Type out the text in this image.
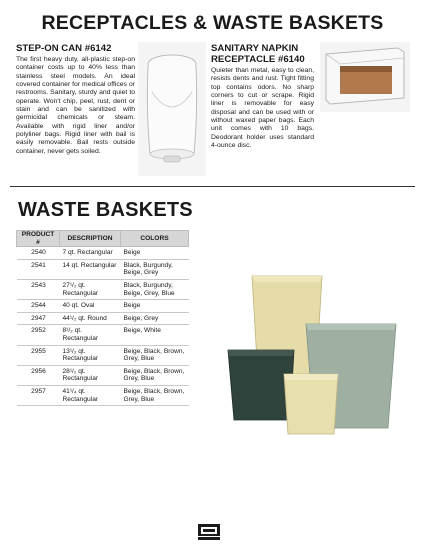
RECEPTACLES & WASTE BASKETS
STEP-ON CAN #6142
The first heavy duty, all-plastic step-on container costs up to 40% less than stainless steel models. An ideal covered container for medical offices or restrooms. Sanitary, sturdy and quiet to operate. Won't chip, peel, rust, dent or stain and can be sanitized with germicidal chemicals or steam. Available with rigid liner and/or polyliner bags. Rigid liner with bail is easily removable. Bail rests outside container, never gets soiled.
SANITARY NAPKIN RECEPTACLE #6140
Quieter than metal, easy to clean, resists dents and rust. Tight fitting top contains odors. No sharp corners to cut or scrape. Rigid liner is removable for easy disposal and can be used with or without waxed paper bags. Each unit comes with 10 bags. Deodorant holder uses standard 4-ounce disc.
WASTE BASKETS
PRODUCT #	DESCRIPTION	COLORS
2540	7 qt. Rectangular	Beige
2541	14 qt. Rectangular	Black, Burgundy, Beige, Grey
2543	27¹/₂ qt. Rectangular	Black, Burgundy, Beige, Grey, Blue
2544	40 qt. Oval	Beige
2947	44¹/₂ qt. Round	Beige, Grey
2952	8¹/₂ qt. Rectangular	Beige, White
2955	13¹/₂ qt. Rectangular	Beige, Black, Brown, Grey, Blue
2956	28¹/₂ qt. Rectangular	Beige, Black, Brown, Grey, Blue
2957	41¹/₄ qt. Rectangular	Beige, Black, Brown, Grey, Blue
